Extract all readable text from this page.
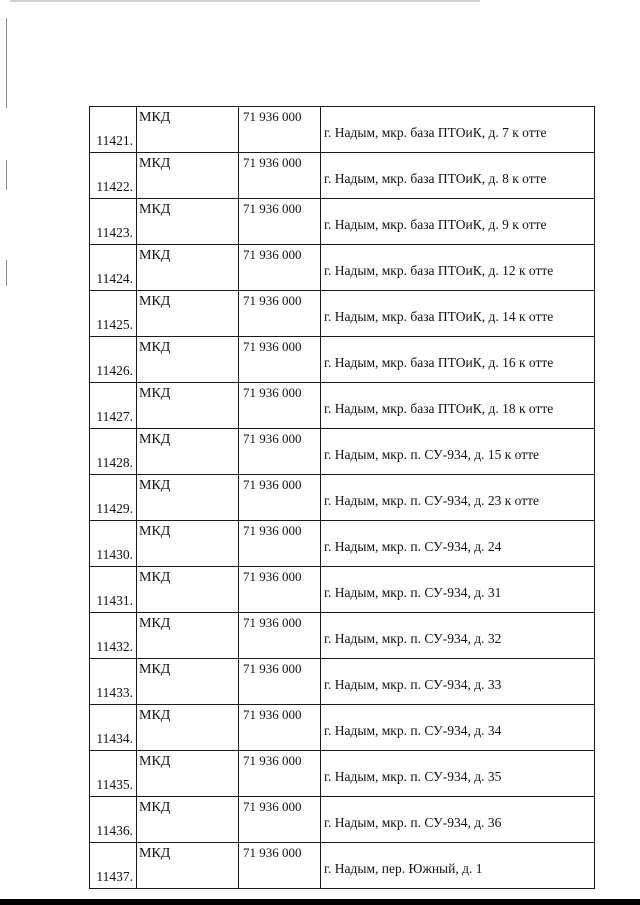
11421.	МКД	71 936 000	г. Надым, мкр. база ПТОиК, д. 7 к отте
11422.	МКД	71 936 000	г. Надым, мкр. база ПТОиК, д. 8 к отте
11423.	МКД	71 936 000	г. Надым, мкр. база ПТОиК, д. 9 к отте
11424.	МКД	71 936 000	г. Надым, мкр. база ПТОиК, д. 12 к отте
11425.	МКД	71 936 000	г. Надым, мкр. база ПТОиК, д. 14 к отте
11426.	МКД	71 936 000	г. Надым, мкр. база ПТОиК, д. 16 к отте
11427.	МКД	71 936 000	г. Надым, мкр. база ПТОиК, д. 18 к отте
11428.	МКД	71 936 000	г. Надым, мкр. п. СУ-934, д. 15 к отте
11429.	МКД	71 936 000	г. Надым, мкр. п. СУ-934, д. 23 к отте
11430.	МКД	71 936 000	г. Надым, мкр. п. СУ-934, д. 24
11431.	МКД	71 936 000	г. Надым, мкр. п. СУ-934, д. 31
11432.	МКД	71 936 000	г. Надым, мкр. п. СУ-934, д. 32
11433.	МКД	71 936 000	г. Надым, мкр. п. СУ-934, д. 33
11434.	МКД	71 936 000	г. Надым, мкр. п. СУ-934, д. 34
11435.	МКД	71 936 000	г. Надым, мкр. п. СУ-934, д. 35
11436.	МКД	71 936 000	г. Надым, мкр. п. СУ-934, д. 36
11437.	МКД	71 936 000	г. Надым, пер. Южный, д. 1
